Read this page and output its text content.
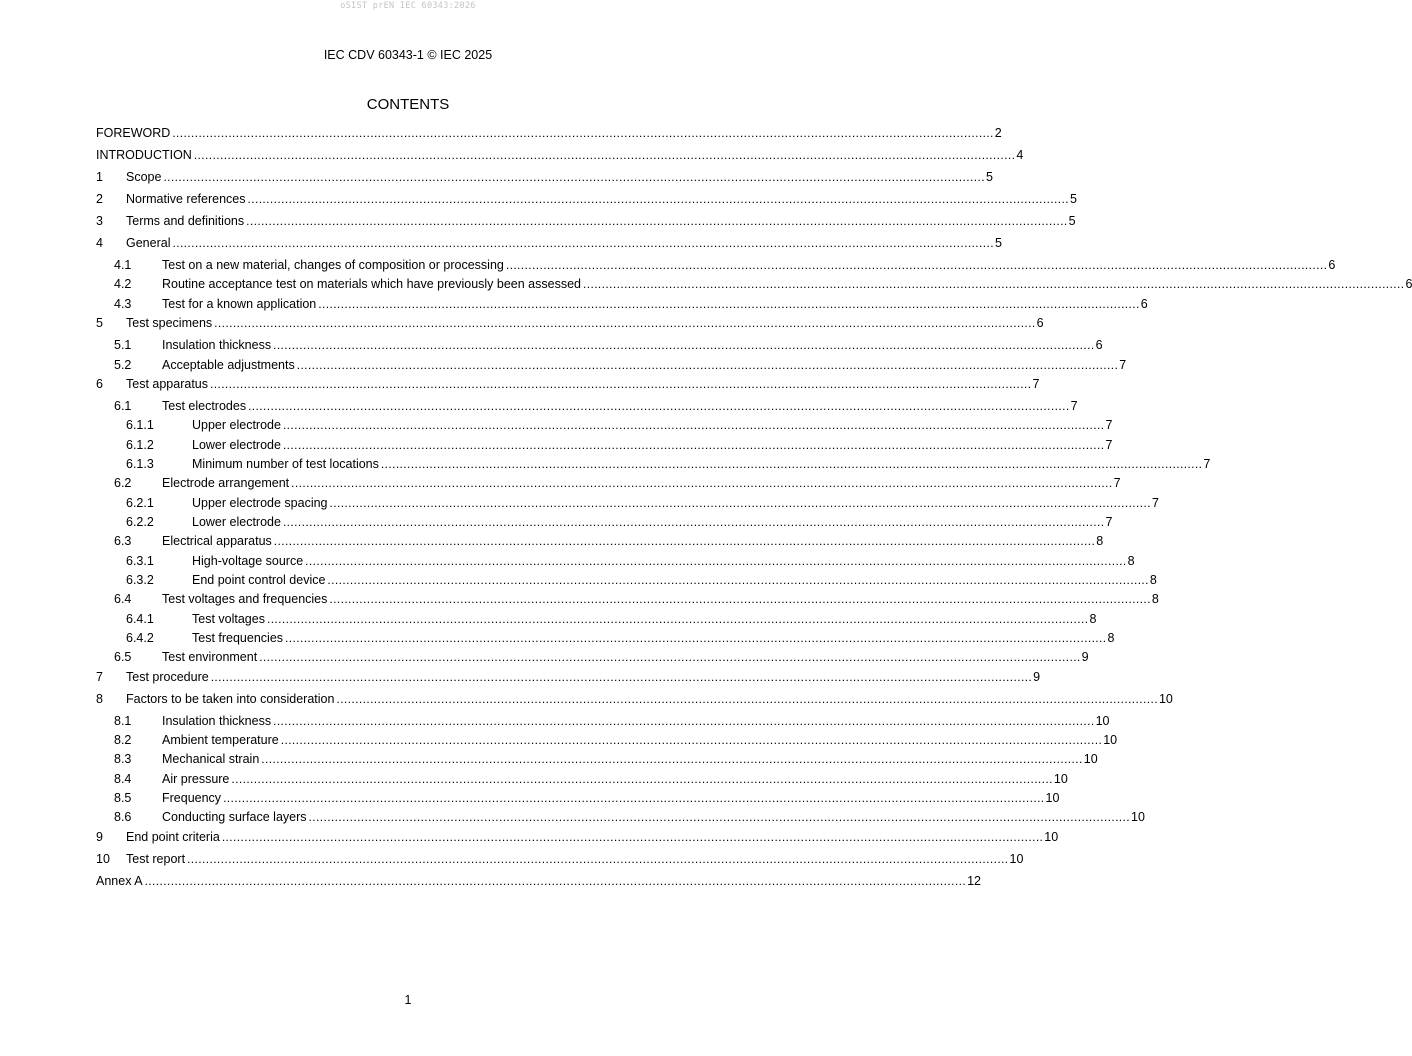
oSIST prEN IEC 60343:2026
IEC CDV 60343-1 © IEC 2025
CONTENTS
FOREWORD ............................................................................................................................................................................................................................ 2
INTRODUCTION ............................................................................................................................................................................................................................ 4
1	Scope ............................................................................................................................................................................................................................ 5
2	Normative references ............................................................................................................................................................................................................................ 5
3	Terms and definitions ............................................................................................................................................................................................................................ 5
4	General ............................................................................................................................................................................................................................ 5
4.1	Test on a new material, changes of composition or processing ............................................................................................................................................................................................................................ 6
4.2	Routine acceptance test on materials which have previously been assessed ............................................................................................................................................................................................................................ 6
4.3	Test for a known application ............................................................................................................................................................................................................................ 6
5	Test specimens ............................................................................................................................................................................................................................ 6
5.1	Insulation thickness ............................................................................................................................................................................................................................ 6
5.2	Acceptable adjustments ............................................................................................................................................................................................................................ 7
6	Test apparatus ............................................................................................................................................................................................................................ 7
6.1	Test electrodes ............................................................................................................................................................................................................................ 7
6.1.1	Upper electrode ............................................................................................................................................................................................................................ 7
6.1.2	Lower electrode ............................................................................................................................................................................................................................ 7
6.1.3	Minimum number of test locations ............................................................................................................................................................................................................................ 7
6.2	Electrode arrangement ............................................................................................................................................................................................................................ 7
6.2.1	Upper electrode spacing ............................................................................................................................................................................................................................ 7
6.2.2	Lower electrode ............................................................................................................................................................................................................................ 7
6.3	Electrical apparatus ............................................................................................................................................................................................................................ 8
6.3.1	High-voltage source ............................................................................................................................................................................................................................ 8
6.3.2	End point control device ............................................................................................................................................................................................................................ 8
6.4	Test voltages and frequencies ............................................................................................................................................................................................................................ 8
6.4.1	Test voltages ............................................................................................................................................................................................................................ 8
6.4.2	Test frequencies ............................................................................................................................................................................................................................ 8
6.5	Test environment ............................................................................................................................................................................................................................ 9
7	Test procedure ............................................................................................................................................................................................................................ 9
8	Factors to be taken into consideration ............................................................................................................................................................................................................................ 10
8.1	Insulation thickness ............................................................................................................................................................................................................................ 10
8.2	Ambient temperature ............................................................................................................................................................................................................................ 10
8.3	Mechanical strain ............................................................................................................................................................................................................................ 10
8.4	Air pressure ............................................................................................................................................................................................................................ 10
8.5	Frequency ............................................................................................................................................................................................................................ 10
8.6	Conducting surface layers ............................................................................................................................................................................................................................ 10
9	End point criteria ............................................................................................................................................................................................................................ 10
10	Test report ............................................................................................................................................................................................................................ 10
Annex A ............................................................................................................................................................................................................................ 12
1
